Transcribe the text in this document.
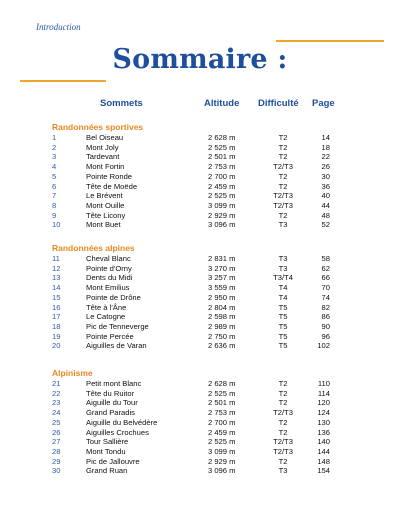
Introduction
Sommaire :
Sommets	Altitude Difficulté Page
Randonnées sportives
1	Bel Oiseau	2 628 m	T2	14
2	Mont Joly	2 525 m	T2	18
3	Tardevant	2 501 m	T2	22
4	Mont Fortin	2 753 m	T2/T3	26
5	Pointe Ronde	2 700 m	T2	30
6	Tête de Moëde	2 459 m	T2	36
7	Le Brévent	2 525 m	T2/T3	40
8	Mont Ouille	3 099 m	T2/T3	44
9	Tête Licony	2 929 m	T2	48
10	Mont Buet	3 096 m	T3	52
Randonnées alpines
11	Cheval Blanc	2 831 m	T3	58
12	Pointe d'Orny	3 270 m	T3	62
13	Dents du Midi	3 257 m	T3/T4	66
14	Mont Emilius	3 559 m	T4	70
15	Pointe de Drône	2 950 m	T4	74
16	Tête à l'Âne	2 804 m	T5	82
17	Le Catogne	2 598 m	T5	86
18	Pic de Tenneverge	2 989 m	T5	90
19	Pointe Percée	2 750 m	T5	96
20	Aiguilles de Varan	2 636 m	T5	102
Alpinisme
21	Petit mont Blanc	2 628 m	T2	110
22	Tête du Ruitor	2 525 m	T2	114
23	Aiguille du Tour	2 501 m	T2	120
24	Grand Paradis	2 753 m	T2/T3	124
25	Aiguille du Belvédère	2 700 m	T2	130
26	Aiguilles Crochues	2 459 m	T2	136
27	Tour Sallière	2 525 m	T2/T3	140
28	Mont Tondu	3 099 m	T2/T3	144
29	Pic de Jallouvre	2 929 m	T2	148
30	Grand Ruan	3 096 m	T3	154
